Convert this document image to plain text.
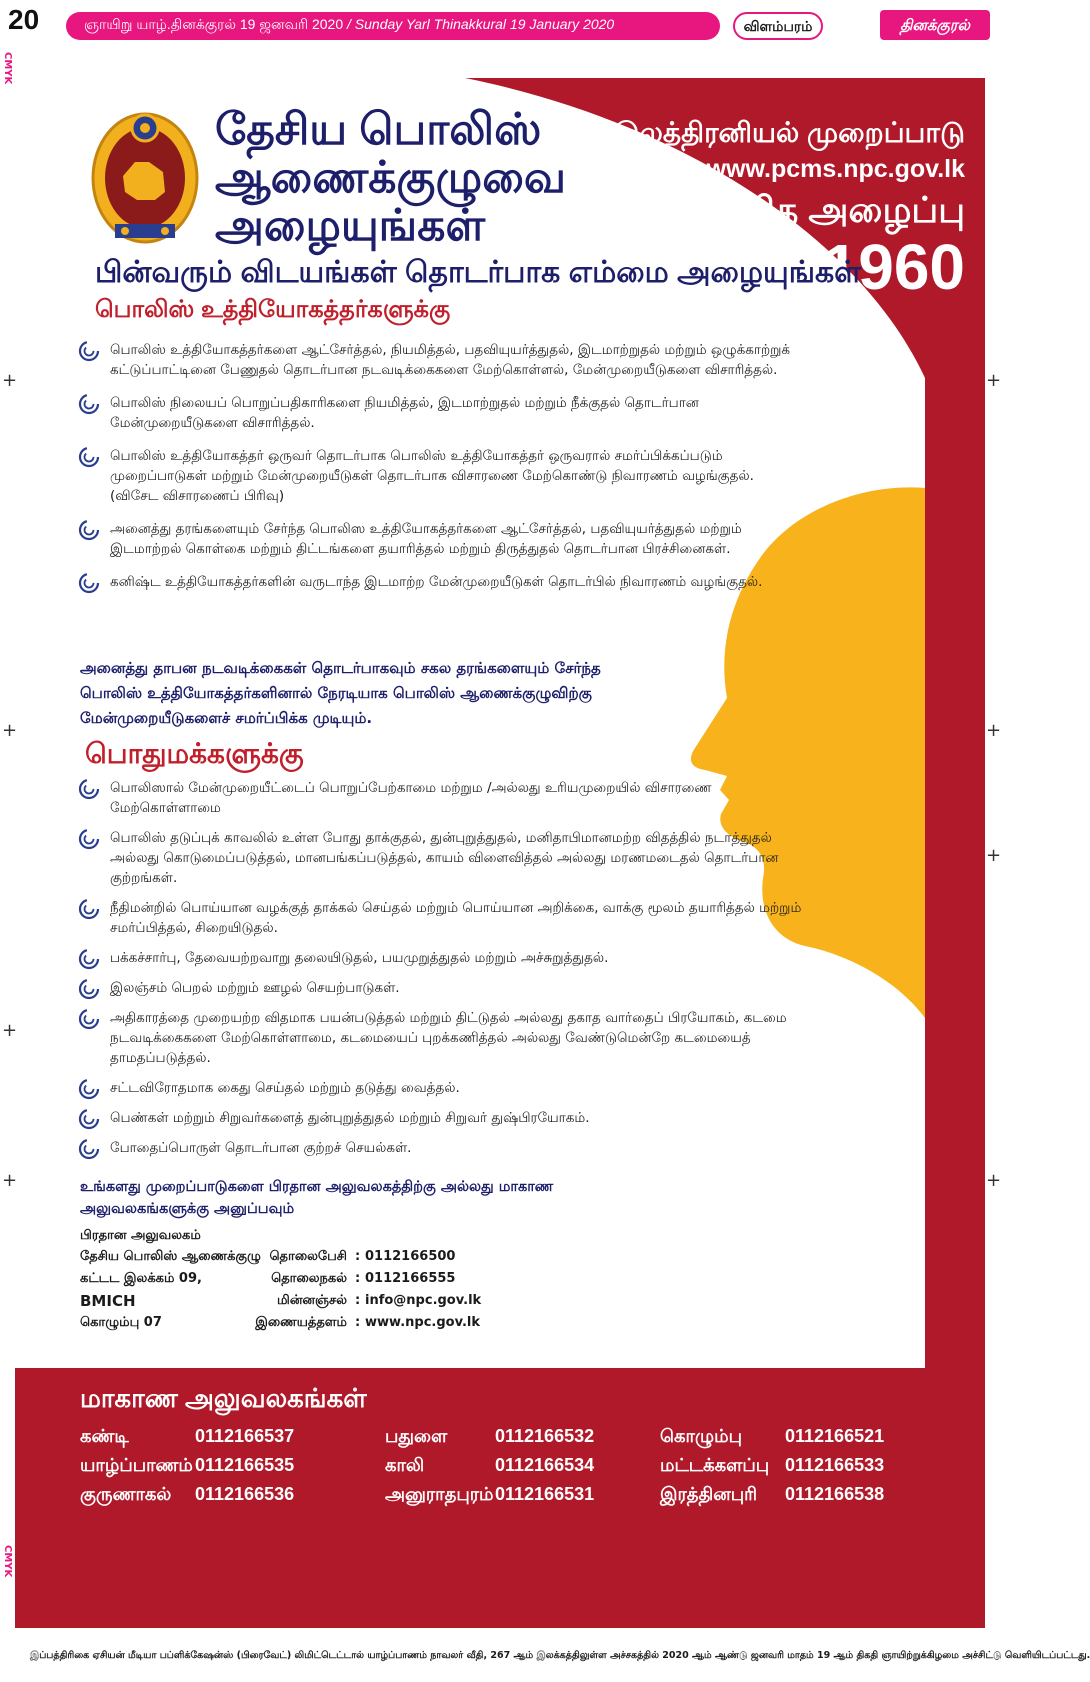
20	ஞாயிறு யாழ்.தினக்குரல் 19 ஜனவரி 2020 / Sunday Yarl Thinakkural 19 January 2020	விளம்பரம்	தினக்குரல்
CMYK
CMYK
+
+
+
+
+
+
+
+
தேசிய பொலிஸ்
ஆணைக்குழுவை
அழையுங்கள்
இலத்திரனியல் முறைப்பாடு
www.pcms.npc.gov.lk
துரித அழைப்பு
1960
பின்வரும் விடயங்கள் தொடர்பாக எம்மை அழையுங்கள்
பொலிஸ் உத்தியோகத்தர்களுக்கு
பொலிஸ் உத்தியோகத்தர்களை ஆட்சேர்த்தல், நியமித்தல், பதவியுயர்த்துதல், இடமாற்றுதல் மற்றும் ஒழுக்காற்றுக் கட்டுப்பாட்டினை பேணுதல் தொடர்பான நடவடிக்கைகளை மேற்கொள்ளல், மேன்முறையீடுகளை விசாரித்தல்.
பொலிஸ் நிலையப் பொறுப்பதிகாரிகளை நியமித்தல், இடமாற்றுதல் மற்றும் நீக்குதல் தொடர்பான மேன்முறையீடுகளை விசாரித்தல்.
பொலிஸ் உத்தியோகத்தர் ஒருவர் தொடர்பாக பொலிஸ் உத்தியோகத்தர் ஒருவரால் சமர்ப்பிக்கப்படும் முறைப்பாடுகள் மற்றும் மேன்முறையீடுகள் தொடர்பாக விசாரணை மேற்கொண்டு நிவாரணம் வழங்குதல். (விசேட விசாரணைப் பிரிவு)
அனைத்து தரங்களையும் சேர்ந்த பொலிஸ உத்தியோகத்தர்களை ஆட்சேர்த்தல், பதவியுயர்த்துதல் மற்றும் இடமாற்றல் கொள்கை மற்றும் திட்டங்களை தயாரித்தல் மற்றும் திருத்துதல் தொடர்பான பிரச்சினைகள்.
கனிஷ்ட உத்தியோகத்தர்களின் வருடாந்த இடமாற்ற மேன்முறையீடுகள் தொடர்பில் நிவாரணம் வழங்குதல்.
அனைத்து தாபன நடவடிக்கைகள் தொடர்பாகவும் சகல தரங்களையும் சேர்ந்த பொலிஸ் உத்தியோகத்தர்களினால் நேரடியாக பொலிஸ் ஆணைக்குழுவிற்கு மேன்முறையீடுகளைச் சமர்ப்பிக்க முடியும்.
பொதுமக்களுக்கு
பொலிஸால் மேன்முறையீட்டைப் பொறுப்பேற்காமை மற்றும /அல்லது உரியமுறையில் விசாரணை மேற்கொள்ளாமை
பொலிஸ் தடுப்புக் காவலில் உள்ள போது தாக்குதல், துன்புறுத்துதல், மனிதாபிமானமற்ற விதத்தில் நடாத்துதல் அல்லது கொடுமைப்படுத்தல், மானபங்கப்படுத்தல், காயம் விளைவித்தல் அல்லது மரணமடைதல் தொடர்பான குற்றங்கள்.
நீதிமன்றில் பொய்யான வழக்குத் தாக்கல் செய்தல் மற்றும் பொய்யான அறிக்கை, வாக்கு மூலம் தயாரித்தல் மற்றும் சமர்ப்பித்தல், சிறையிடுதல்.
பக்கச்சார்பு, தேவையற்றவாறு தலையிடுதல், பயமுறுத்துதல் மற்றும் அச்சுறுத்துதல்.
இலஞ்சம் பெறல் மற்றும் ஊழல் செயற்பாடுகள்.
அதிகாரத்தை முறையற்ற விதமாக பயன்படுத்தல் மற்றும் திட்டுதல் அல்லது தகாத வார்தைப் பிரயோகம், கடமை நடவடிக்கைகளை மேற்கொள்ளாமை, கடமையைப் புறக்கணித்தல் அல்லது வேண்டுமென்றே கடமையைத் தாமதப்படுத்தல்.
சட்டவிரோதமாக கைது செய்தல் மற்றும் தடுத்து வைத்தல்.
பெண்கள் மற்றும் சிறுவர்களைத் துன்புறுத்துதல் மற்றும் சிறுவர் துஷ்பிரயோகம்.
போதைப்பொருள் தொடர்பான குற்றச் செயல்கள்.
உங்களது முறைப்பாடுகளை பிரதான அலுவலகத்திற்கு அல்லது மாகாண அலுவலகங்களுக்கு அனுப்பவும்
பிரதான அலுவலகம்
தேசிய பொலிஸ் ஆணைக்குழு
கட்டட இலக்கம் 09,
BMICH
கொழும்பு 07
தொலைபேசி : 0112166500
தொலைநகல் : 0112166555
மின்னஞ்சல் : info@npc.gov.lk
இணையத்தளம் : www.npc.gov.lk
மாகாண அலுவலகங்கள்
கண்டி	0112166537	பதுளை	0112166532	கொழும்பு 0112166521
யாழ்ப்பாணம் 0112166535	காலி	0112166534	மட்டக்களப்பு 0112166533
குருணாகல் 0112166536	அனுராதபுரம் 0112166531	இரத்தினபுரி 0112166538
இப்பத்திரிகை ஏசியன் மீடியா பப்ளிக்கேஷன்ஸ் (பிரைவேட்) லிமிட்டெட்டால் யாழ்ப்பாணம் நாவலர் வீதி, 267 ஆம் இலக்கத்திலுள்ள அச்சகத்தில் 2020 ஆம் ஆண்டு ஜனவரி மாதம் 19 ஆம் திகதி ஞாயிற்றுக்கிழமை அச்சிட்டு வெளியிடப்பட்டது.
